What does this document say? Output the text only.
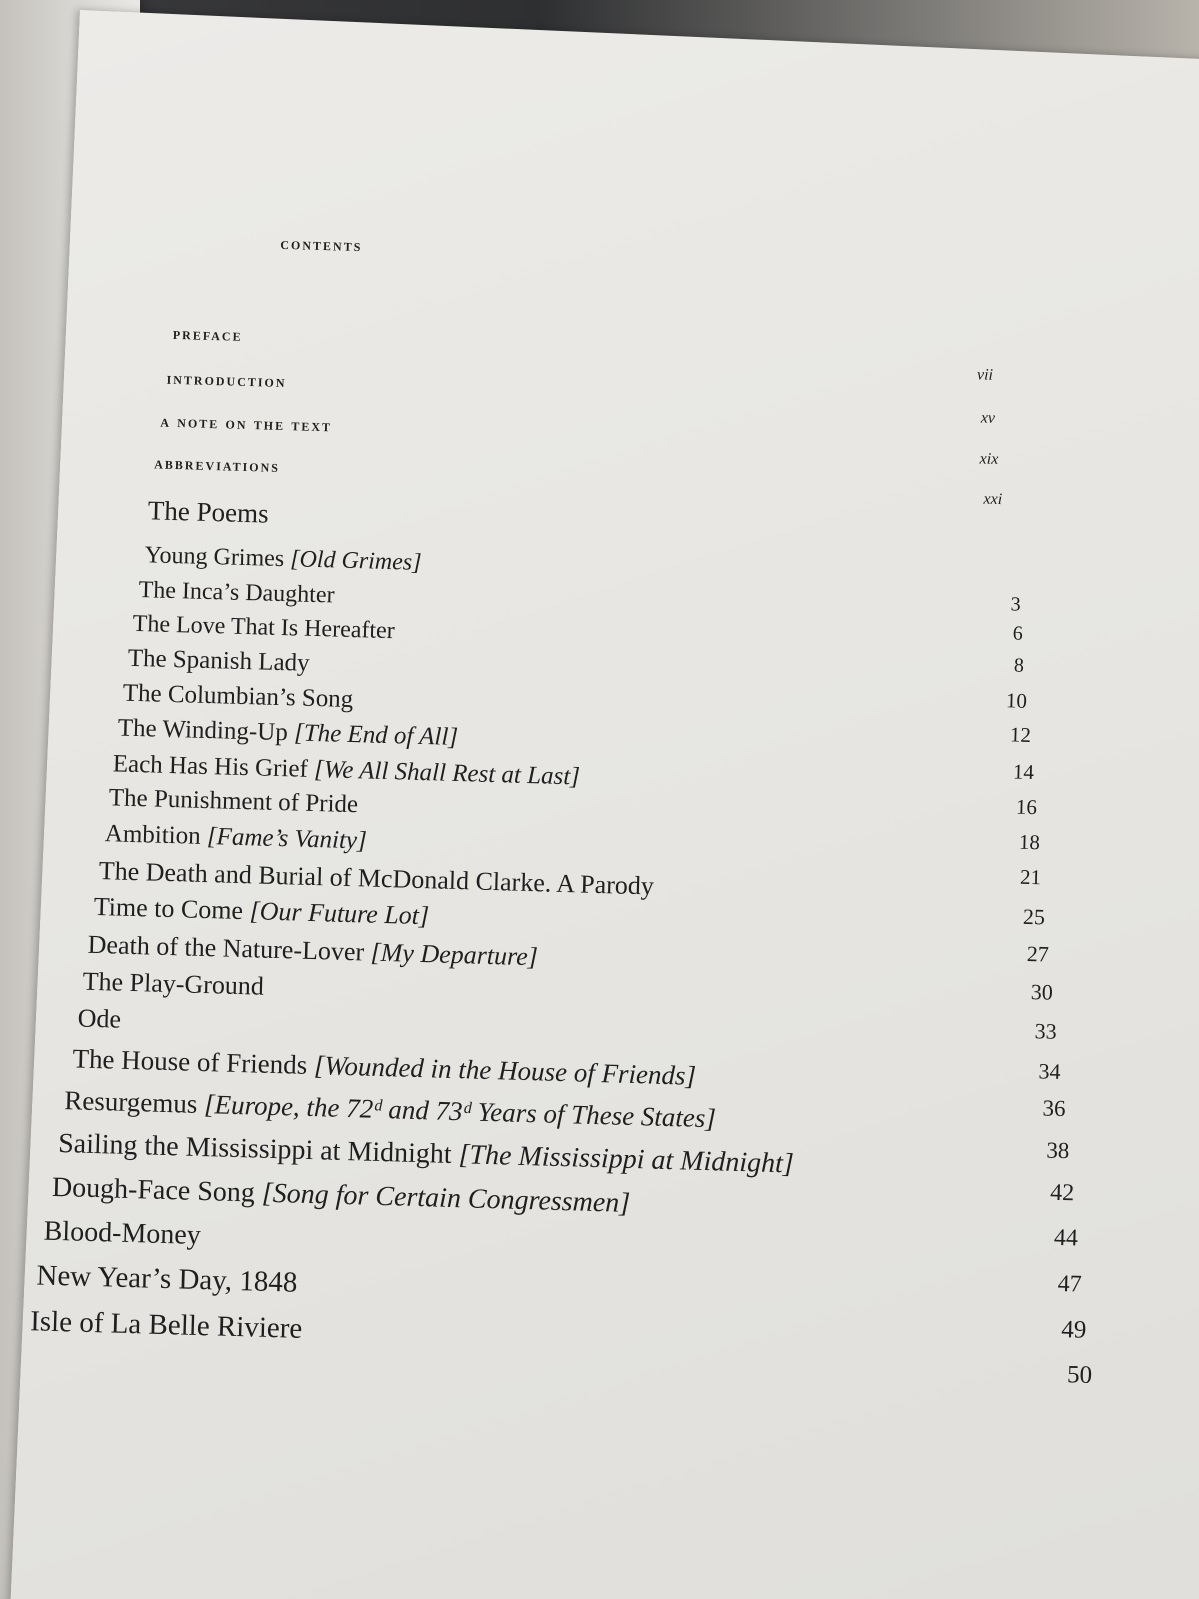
contents
preface
vii
introduction
xv
a note on the text
xix
abbreviations
xxi
The Poems
Young Grimes [Old Grimes]
3
The Inca’s Daughter
6
The Love That Is Hereafter
8
The Spanish Lady
10
The Columbian’s Song
12
The Winding-Up [The End of All]
14
Each Has His Grief [We All Shall Rest at Last]
16
The Punishment of Pride
18
Ambition [Fame’s Vanity]
21
The Death and Burial of McDonald Clarke. A Parody
25
Time to Come [Our Future Lot]
27
Death of the Nature-Lover [My Departure]
30
The Play-Ground
33
Ode
34
The House of Friends [Wounded in the House of Friends]
36
Resurgemus [Europe, the 72ᵈ and 73ᵈ Years of These States]
38
Sailing the Mississippi at Midnight [The Mississippi at Midnight]
42
Dough-Face Song [Song for Certain Congressmen]
44
Blood-Money
47
New Year’s Day, 1848
49
Isle of La Belle Riviere
50
